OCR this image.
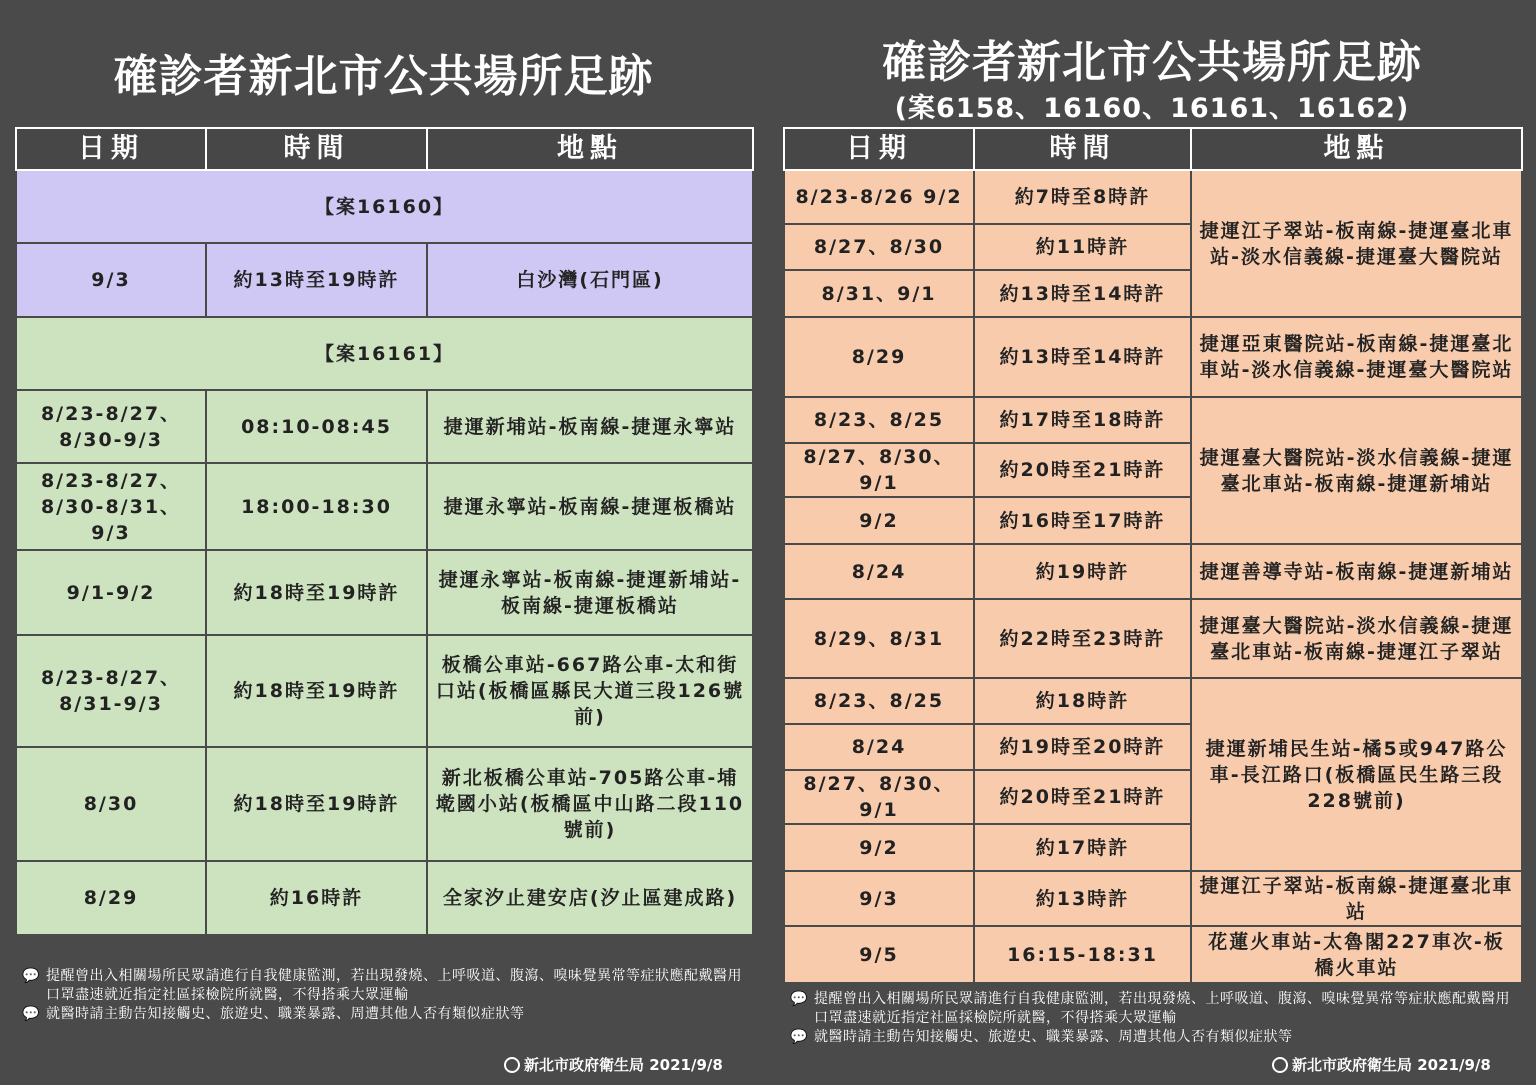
確診者新北市公共場所足跡	確診者新北市公共場所足跡
(案6158、16160、16161、16162)
日期	時間	地點
【案16160】		
9/3	約13時至19時許	白沙灣(石門區)
【案16161】		
8/23-8/27、8/30-9/3	08:10-08:45	捷運新埔站-板南線-捷運永寧站
8/23-8/27、8/30-8/31、9/3	18:00-18:30	捷運永寧站-板南線-捷運板橋站
9/1-9/2	約18時至19時許	捷運永寧站-板南線-捷運新埔站-板南線-捷運板橋站
8/23-8/27、8/31-9/3	約18時至19時許	板橋公車站-667路公車-太和街口站(板橋區縣民大道三段126號前)
8/30	約18時至19時許	新北板橋公車站-705路公車-埔墘國小站(板橋區中山路二段110號前)
8/29	約16時許	全家汐止建安店(汐止區建成路)
日期	時間	地點
8/23-8/26 9/2	約7時至8時許	捷運江子翠站-板南線-捷運臺北車站-淡水信義線-捷運臺大醫院站
8/27、8/30	約11時許	
8/31、9/1	約13時至14時許	
8/29	約13時至14時許	捷運亞東醫院站-板南線-捷運臺北車站-淡水信義線-捷運臺大醫院站
8/23、8/25	約17時至18時許	捷運臺大醫院站-淡水信義線-捷運臺北車站-板南線-捷運新埔站
8/27、8/30、9/1	約20時至21時許	
9/2	約16時至17時許	
8/24	約19時許	捷運善導寺站-板南線-捷運新埔站
8/29、8/31	約22時至23時許	捷運臺大醫院站-淡水信義線-捷運臺北車站-板南線-捷運江子翠站
8/23、8/25	約18時許	捷運新埔民生站-橘5或947路公車-長江路口(板橋區民生路三段228號前)
8/24	約19時至20時許	
8/27、8/30、9/1	約20時至21時許	
9/2	約17時許	
9/3	約13時許	捷運江子翠站-板南線-捷運臺北車站
9/5	16:15-18:31	花蓮火車站-太魯閣227車次-板橋火車站
💬 提醒曾出入相關場所民眾請進行自我健康監測，若出現發燒、上呼吸道、腹瀉、嗅味覺異常等症狀應配戴醫用口罩盡速就近指定社區採檢院所就醫，不得搭乘大眾運輸
💬 就醫時請主動告知接觸史、旅遊史、職業暴露、周遭其他人否有類似症狀等
💬 提醒曾出入相關場所民眾請進行自我健康監測，若出現發燒、上呼吸道、腹瀉、嗅味覺異常等症狀應配戴醫用口罩盡速就近指定社區採檢院所就醫，不得搭乘大眾運輸
💬 就醫時請主動告知接觸史、旅遊史、職業暴露、周遭其他人否有類似症狀等
新北市政府衛生局 2021/9/8	新北市政府衛生局 2021/9/8
